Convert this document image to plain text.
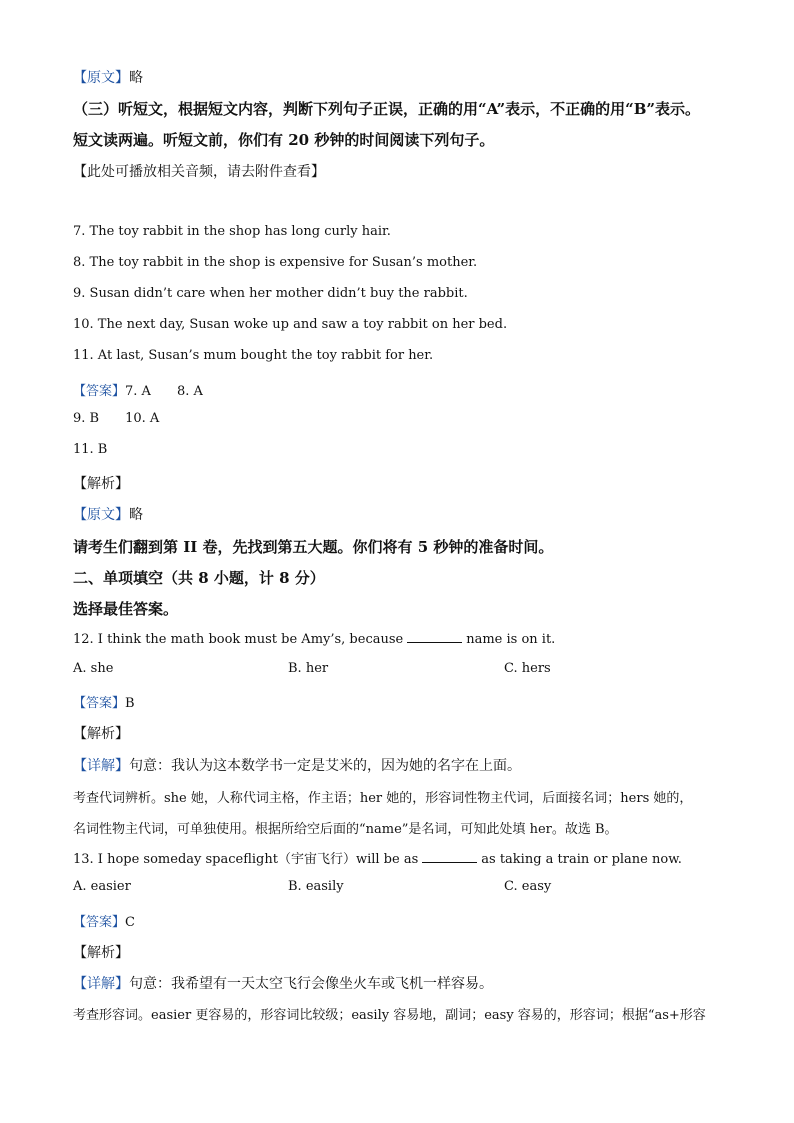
【原文】略
（三）听短文，根据短文内容，判断下列句子正误，正确的用“A”表示，不正确的用“B”表示。
短文读两遍。听短文前，你们有 20 秒钟的时间阅读下列句子。
【此处可播放相关音频，请去附件查看】
7. The toy rabbit in the shop has long curly hair.
8. The toy rabbit in the shop is expensive for Susan’s mother.
9. Susan didn’t care when her mother didn’t buy the rabbit.
10. The next day, Susan woke up and saw a toy rabbit on her bed.
11. At last, Susan’s mum bought the toy rabbit for her.
【答案】7. A 8. A
9. B 10. A
11. B
【解析】
【原文】略
请考生们翻到第 II 卷，先找到第五大题。你们将有 5 秒钟的准备时间。
二、单项填空（共 8 小题，计 8 分）
选择最佳答案。
12. I think the math book must be Amy’s, because	name is on it.
A. she	B. her	C. hers
【答案】B
【解析】
【详解】句意：我认为这本数学书一定是艾米的，因为她的名字在上面。
考查代词辨析。she 她，人称代词主格，作主语；her 她的，形容词性物主代词，后面接名词；hers 她的，
名词性物主代词，可单独使用。根据所给空后面的“name”是名词，可知此处填 her。故选 B。
13. I hope someday spaceflight（宇宙飞行）will be as	as taking a train or plane now.
A. easier	B. easily	C. easy
【答案】C
【解析】
【详解】句意：我希望有一天太空飞行会像坐火车或飞机一样容易。
考查形容词。easier 更容易的，形容词比较级；easily 容易地，副词；easy 容易的，形容词；根据“as+形容
